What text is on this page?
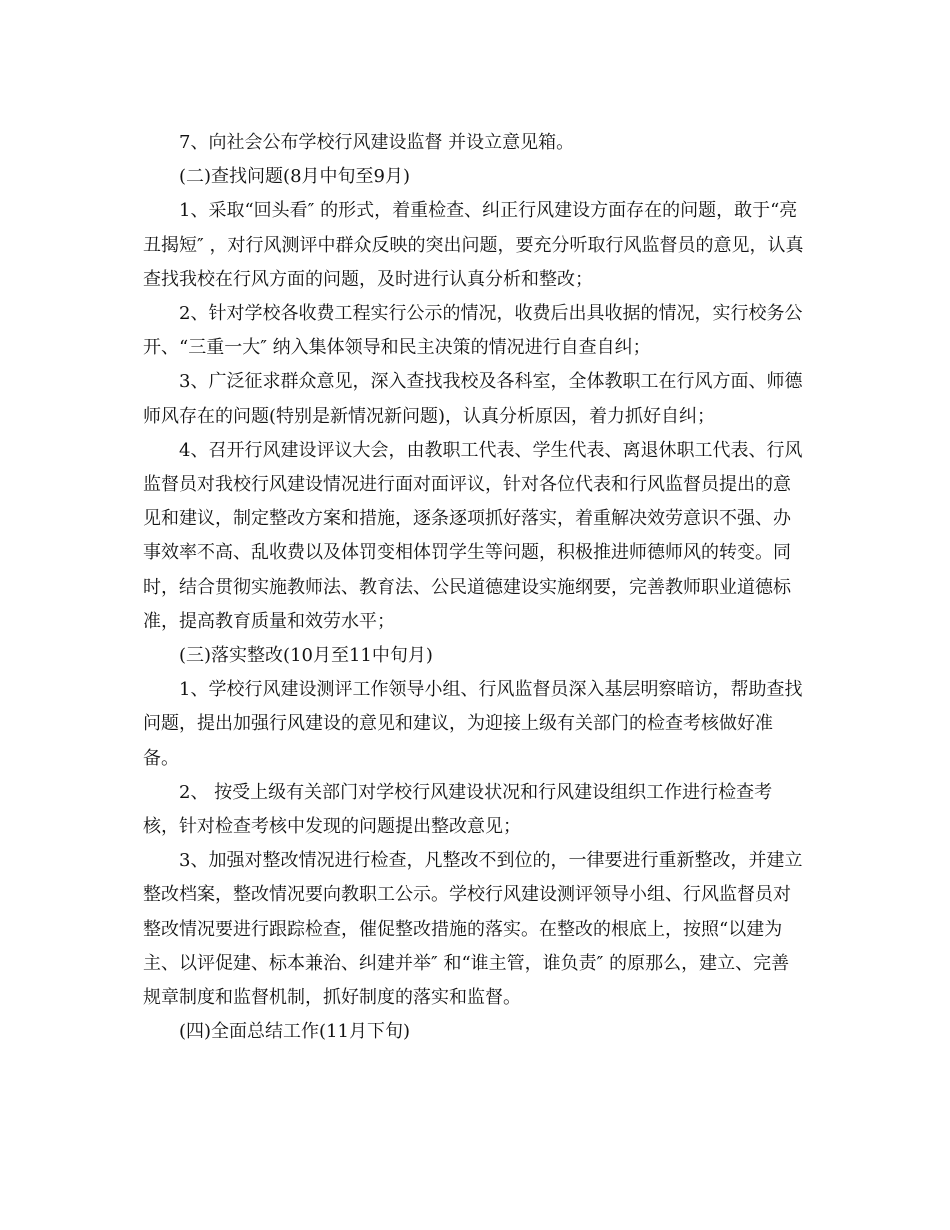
7、向社会公布学校行风建设监督 并设立意见箱。

(二)查找问题(8月中旬至9月)

1、采取“回头看″ 的形式，着重检查、纠正行风建设方面存在的问题，敢于“亮丑揭短″ ，对行风测评中群众反映的突出问题，要充分听取行风监督员的意见，认真查找我校在行风方面的问题，及时进行认真分析和整改；

2、针对学校各收费工程实行公示的情况，收费后出具收据的情况，实行校务公开、“三重一大″ 纳入集体领导和民主决策的情况进行自查自纠；

3、广泛征求群众意见，深入查找我校及各科室，全体教职工在行风方面、师德师风存在的问题(特别是新情况新问题)，认真分析原因，着力抓好自纠；

4、召开行风建设评议大会，由教职工代表、学生代表、离退休职工代表、行风监督员对我校行风建设情况进行面对面评议，针对各位代表和行风监督员提出的意见和建议，制定整改方案和措施，逐条逐项抓好落实，着重解决效劳意识不强、办事效率不高、乱收费以及体罚变相体罚学生等问题，积极推进师德师风的转变。同时，结合贯彻实施教师法、教育法、公民道德建设实施纲要，完善教师职业道德标准，提高教育质量和效劳水平；

(三)落实整改(10月至11中旬月)

1、学校行风建设测评工作领导小组、行风监督员深入基层明察暗访，帮助查找问题，提出加强行风建设的意见和建议，为迎接上级有关部门的检查考核做好准备。

2、 按受上级有关部门对学校行风建设状况和行风建设组织工作进行检查考核，针对检查考核中发现的问题提出整改意见；

3、加强对整改情况进行检查，凡整改不到位的，一律要进行重新整改，并建立整改档案，整改情况要向教职工公示。学校行风建设测评领导小组、行风监督员对整改情况要进行跟踪检查，催促整改措施的落实。在整改的根底上，按照“以建为主、以评促建、标本兼治、纠建并举″ 和“谁主管，谁负责″ 的原那么，建立、完善规章制度和监督机制，抓好制度的落实和监督。

(四)全面总结工作(11月下旬)
